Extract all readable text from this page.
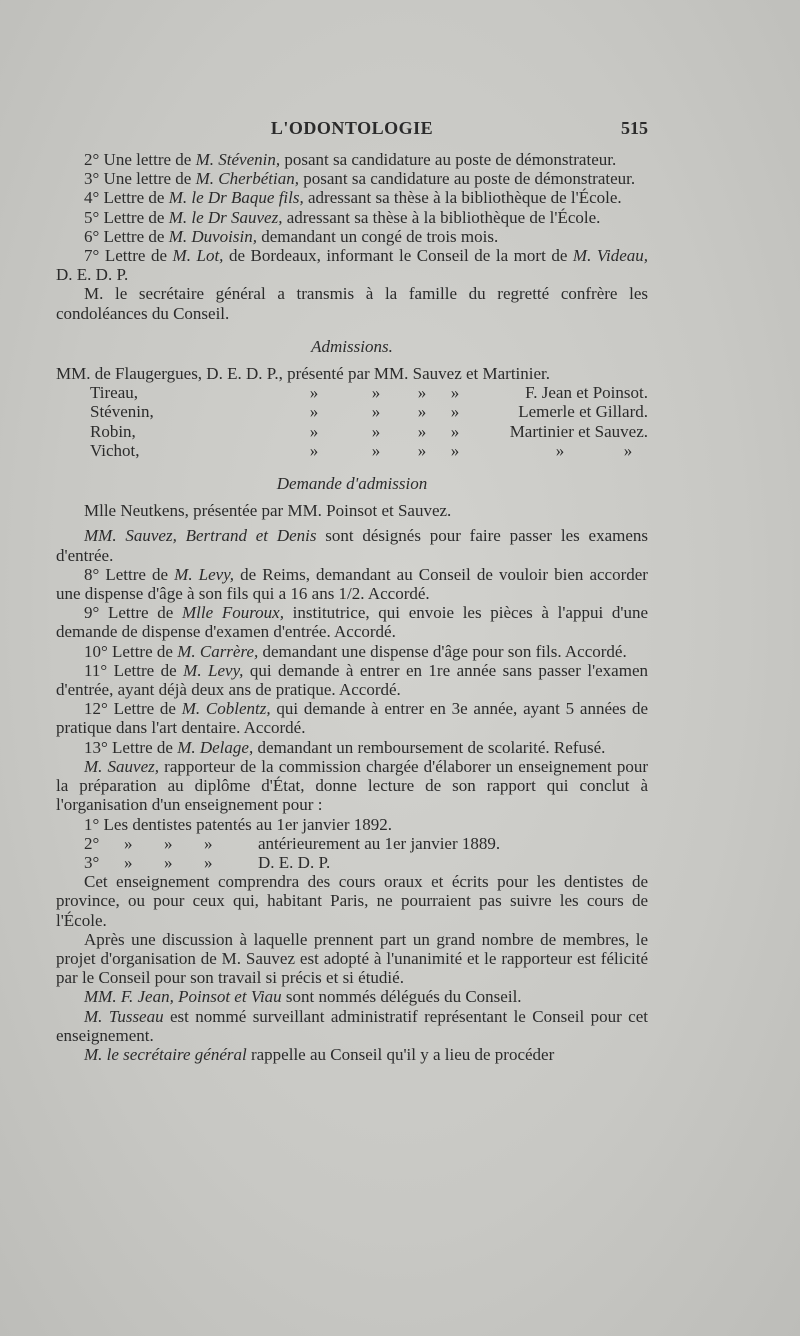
L'ODONTOLOGIE	515

2° Une lettre de M. Stévenin, posant sa candidature au poste de démonstrateur.

3° Une lettre de M. Cherbétian, posant sa candidature au poste de démonstrateur.

4° Lettre de M. le Dr Baque fils, adressant sa thèse à la bibliothèque de l'École.

5° Lettre de M. le Dr Sauvez, adressant sa thèse à la bibliothèque de l'École.

6° Lettre de M. Duvoisin, demandant un congé de trois mois.

7° Lettre de M. Lot, de Bordeaux, informant le Conseil de la mort de M. Videau, D. E. D. P.

M. le secrétaire général a transmis à la famille du regretté confrère les condoléances du Conseil.

Admissions.
MM. de Flaugergues, D. E. D. P., présenté par MM. Sauvez et Martinier.					
Tireau,	»	»	»	»	F. Jean et Poinsot.
Stévenin,	»	»	»	»	Lemerle et Gillard.
Robin,	»	»	»	»	Martinier et Sauvez.
Vichot,	»	»	»	»	» »
Demande d'admission

Mlle Neutkens, présentée par MM. Poinsot et Sauvez.

MM. Sauvez, Bertrand et Denis sont désignés pour faire passer les examens d'entrée.

8° Lettre de M. Levy, de Reims, demandant au Conseil de vouloir bien accorder une dispense d'âge à son fils qui a 16 ans 1/2. Accordé.

9° Lettre de Mlle Fouroux, institutrice, qui envoie les pièces à l'appui d'une demande de dispense d'examen d'entrée. Accordé.

10° Lettre de M. Carrère, demandant une dispense d'âge pour son fils. Accordé.

11° Lettre de M. Levy, qui demande à entrer en 1re année sans passer l'examen d'entrée, ayant déjà deux ans de pratique. Accordé.

12° Lettre de M. Coblentz, qui demande à entrer en 3e année, ayant 5 années de pratique dans l'art dentaire. Accordé.

13° Lettre de M. Delage, demandant un remboursement de scolarité. Refusé.

M. Sauvez, rapporteur de la commission chargée d'élaborer un enseignement pour la préparation au diplôme d'État, donne lecture de son rapport qui conclut à l'organisation d'un enseignement pour :

1° Les dentistes patentés au 1er janvier 1892.
2° » » »	antérieurement au 1er janvier 1889.
3° » » »	D. E. D. P.

Cet enseignement comprendra des cours oraux et écrits pour les dentistes de province, ou pour ceux qui, habitant Paris, ne pourraient pas suivre les cours de l'École.

Après une discussion à laquelle prennent part un grand nombre de membres, le projet d'organisation de M. Sauvez est adopté à l'unanimité et le rapporteur est félicité par le Conseil pour son travail si précis et si étudié.

MM. F. Jean, Poinsot et Viau sont nommés délégués du Conseil.

M. Tusseau est nommé surveillant administratif représentant le Conseil pour cet enseignement.

M. le secrétaire général rappelle au Conseil qu'il y a lieu de procéder
